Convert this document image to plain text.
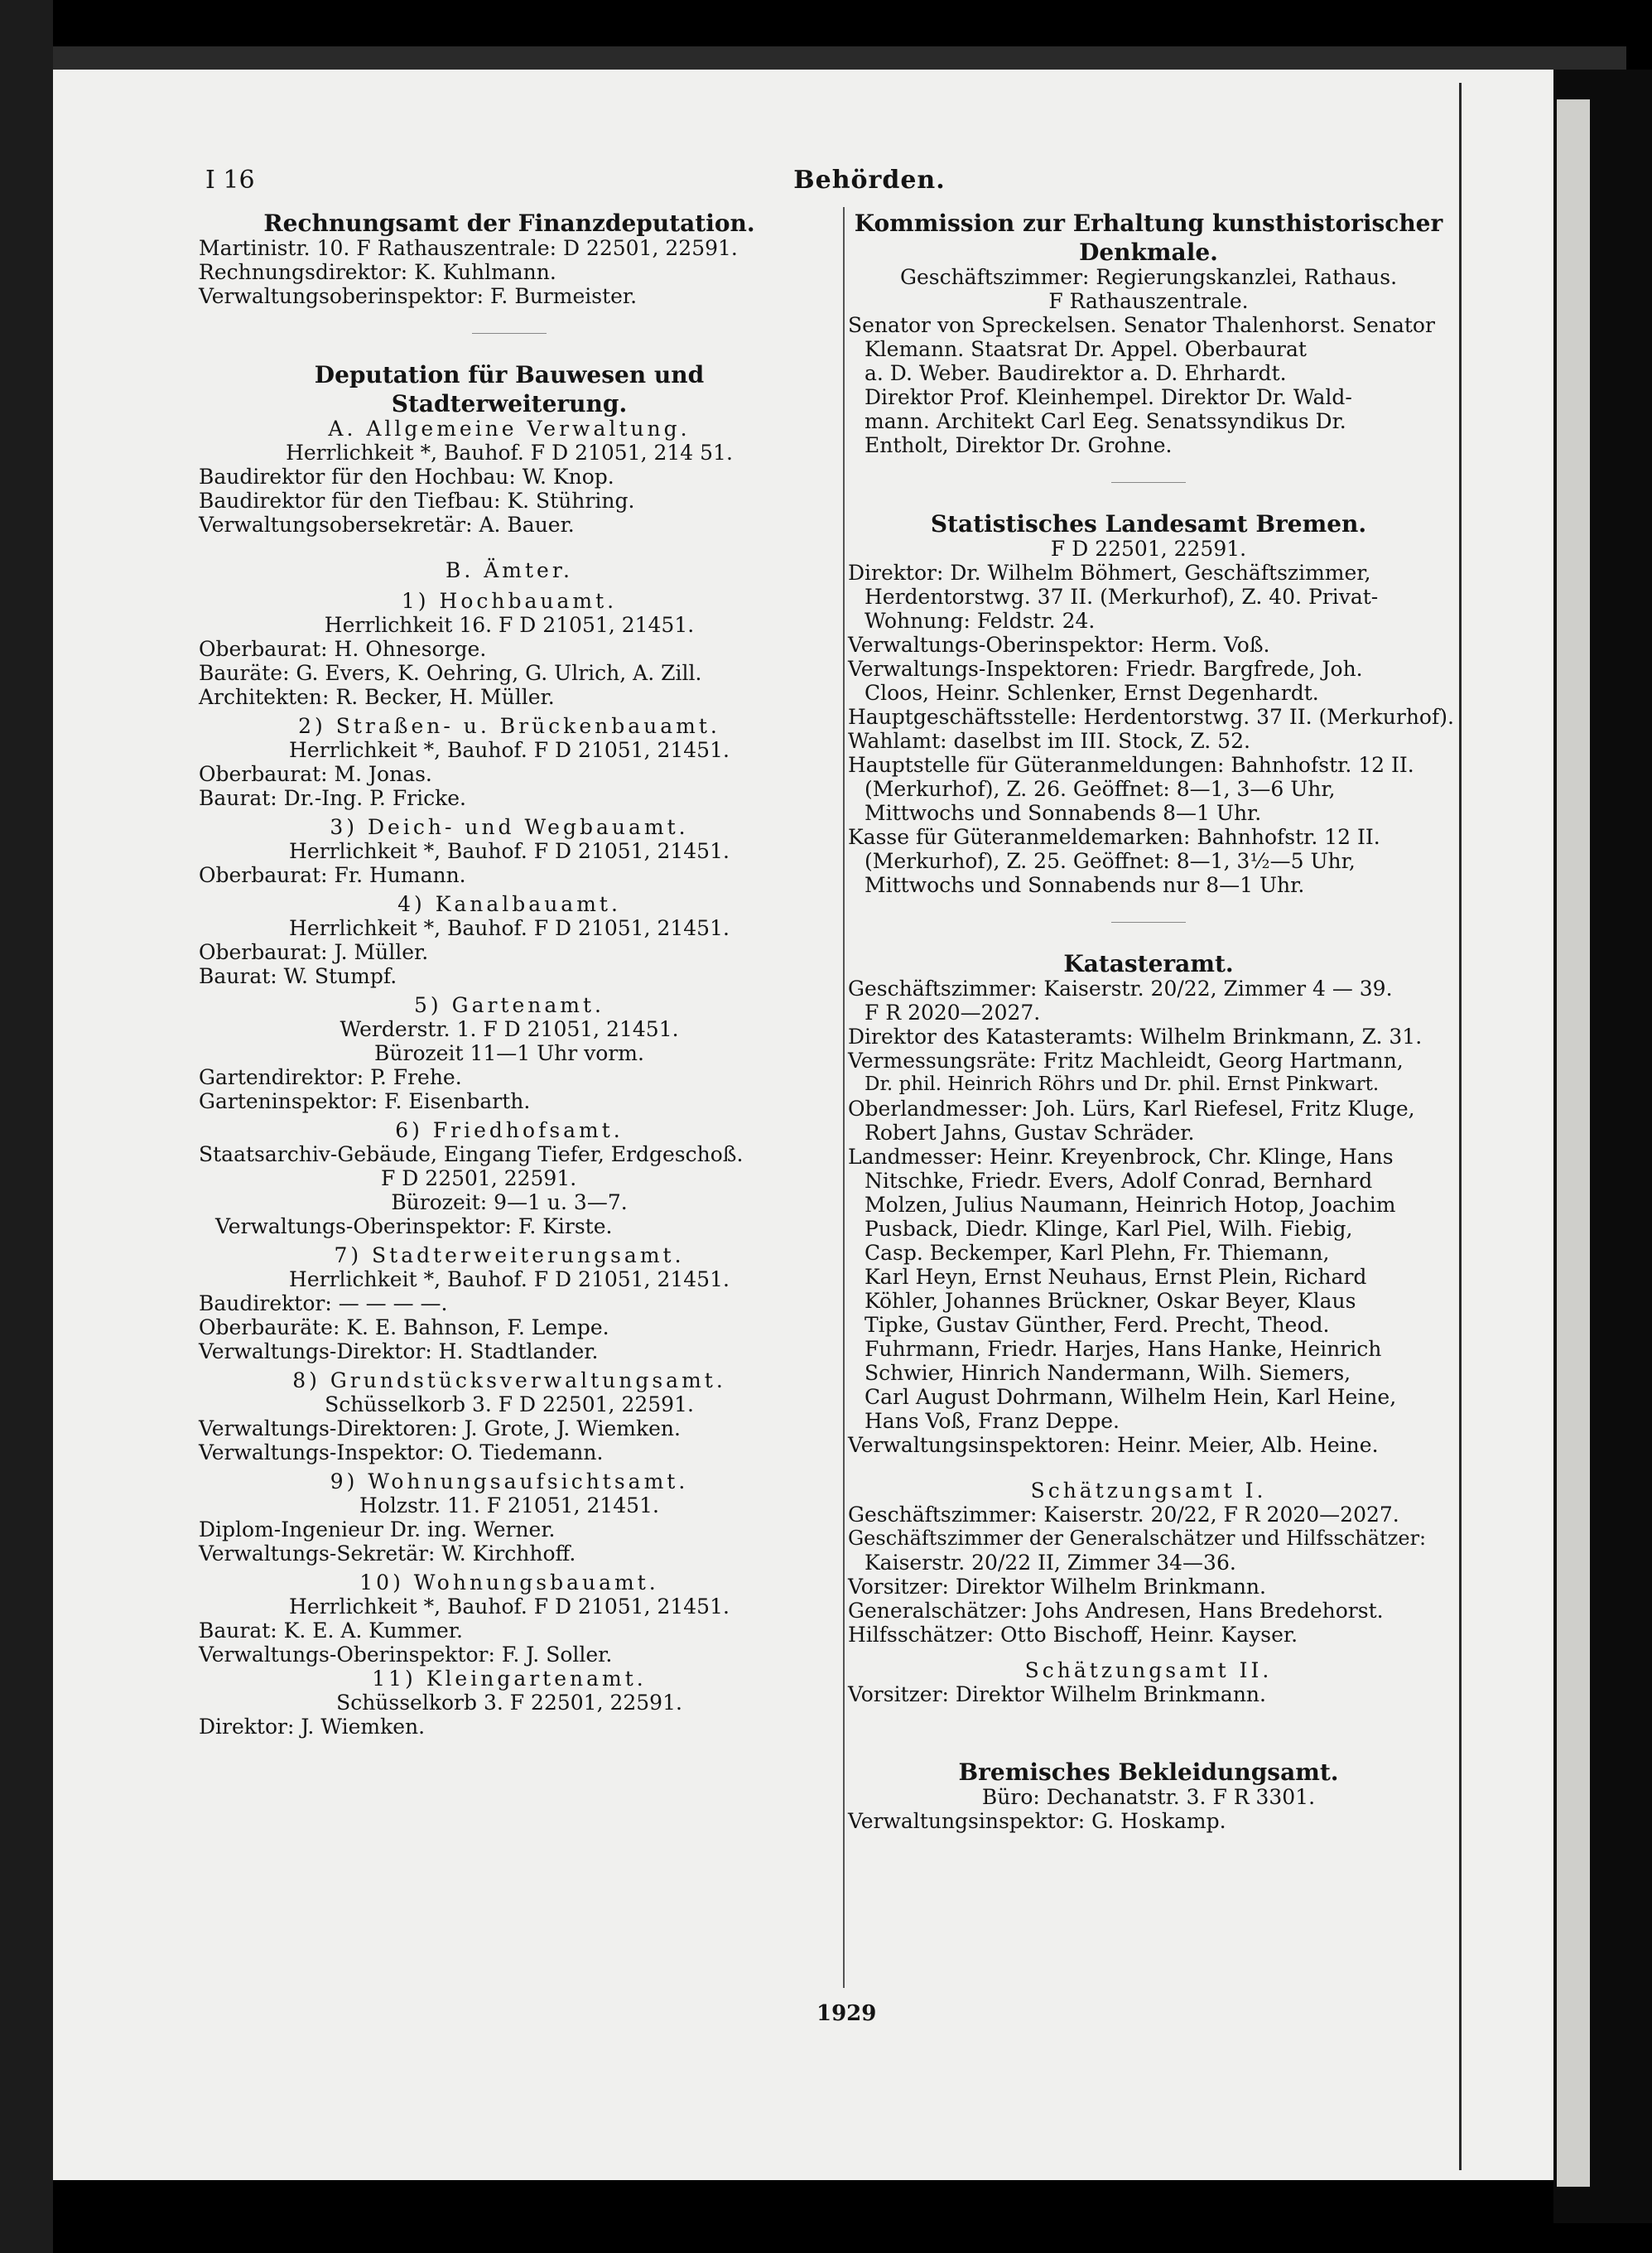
I 16	Behörden.
Rechnungsamt der Finanzdeputation.
Martinistr. 10. F Rathauszentrale: D 22501, 22591.
Rechnungsdirektor: K. Kuhlmann.
Verwaltungsoberinspektor: F. Burmeister.
Deputation für Bauwesen und
Stadterweiterung.
A. Allgemeine Verwaltung.
Herrlichkeit *, Bauhof. F D 21051, 214 51.
Baudirektor für den Hochbau: W. Knop.
Baudirektor für den Tiefbau: K. Stühring.
Verwaltungsobersekretär: A. Bauer.
B. Ämter.
1) Hochbauamt.
Herrlichkeit 16. F D 21051, 21451.
Oberbaurat: H. Ohnesorge.
Bauräte: G. Evers, K. Oehring, G. Ulrich, A. Zill.
Architekten: R. Becker, H. Müller.
2) Straßen- u. Brückenbauamt.
Herrlichkeit *, Bauhof. F D 21051, 21451.
Oberbaurat: M. Jonas.
Baurat: Dr.-Ing. P. Fricke.
3) Deich- und Wegbauamt.
Herrlichkeit *, Bauhof. F D 21051, 21451.
Oberbaurat: Fr. Humann.
4) Kanalbauamt.
Herrlichkeit *, Bauhof. F D 21051, 21451.
Oberbaurat: J. Müller.
Baurat: W. Stumpf.
5) Gartenamt.
Werderstr. 1. F D 21051, 21451.
Bürozeit 11—1 Uhr vorm.
Gartendirektor: P. Frehe.
Garteninspektor: F. Eisenbarth.
6) Friedhofsamt.
Staatsarchiv-Gebäude, Eingang Tiefer, Erdgeschoß.
F D 22501, 22591.
Bürozeit: 9—1 u. 3—7.
Verwaltungs-Oberinspektor: F. Kirste.
7) Stadterweiterungsamt.
Herrlichkeit *, Bauhof. F D 21051, 21451.
Baudirektor: — — — —.
Oberbauräte: K. E. Bahnson, F. Lempe.
Verwaltungs-Direktor: H. Stadtlander.
8) Grundstücksverwaltungsamt.
Schüsselkorb 3. F D 22501, 22591.
Verwaltungs-Direktoren: J. Grote, J. Wiemken.
Verwaltungs-Inspektor: O. Tiedemann.
9) Wohnungsaufsichtsamt.
Holzstr. 11. F 21051, 21451.
Diplom-Ingenieur Dr. ing. Werner.
Verwaltungs-Sekretär: W. Kirchhoff.
10) Wohnungsbauamt.
Herrlichkeit *, Bauhof. F D 21051, 21451.
Baurat: K. E. A. Kummer.
Verwaltungs-Oberinspektor: F. J. Soller.
11) Kleingartenamt.
Schüsselkorb 3. F 22501, 22591.
Direktor: J. Wiemken.
Kommission zur Erhaltung kunsthistorischer
Denkmale.
Geschäftszimmer: Regierungskanzlei, Rathaus.
F Rathauszentrale.
Senator von Spreckelsen. Senator Thalenhorst. Senator
Klemann. Staatsrat Dr. Appel. Oberbaurat
a. D. Weber. Baudirektor a. D. Ehrhardt.
Direktor Prof. Kleinhempel. Direktor Dr. Wald-
mann. Architekt Carl Eeg. Senatssyndikus Dr.
Entholt, Direktor Dr. Grohne.
Statistisches Landesamt Bremen.
F D 22501, 22591.
Direktor: Dr. Wilhelm Böhmert, Geschäftszimmer,
Herdentorstwg. 37 II. (Merkurhof), Z. 40. Privat-
Wohnung: Feldstr. 24.
Verwaltungs-Oberinspektor: Herm. Voß.
Verwaltungs-Inspektoren: Friedr. Bargfrede, Joh.
Cloos, Heinr. Schlenker, Ernst Degenhardt.
Hauptgeschäftsstelle: Herdentorstwg. 37 II. (Merkurhof).
Wahlamt: daselbst im III. Stock, Z. 52.
Hauptstelle für Güteranmeldungen: Bahnhofstr. 12 II.
(Merkurhof), Z. 26. Geöffnet: 8—1, 3—6 Uhr,
Mittwochs und Sonnabends 8—1 Uhr.
Kasse für Güteranmeldemarken: Bahnhofstr. 12 II.
(Merkurhof), Z. 25. Geöffnet: 8—1, 3½—5 Uhr,
Mittwochs und Sonnabends nur 8—1 Uhr.
Katasteramt.
Geschäftszimmer: Kaiserstr. 20/22, Zimmer 4 — 39.
F R 2020—2027.
Direktor des Katasteramts: Wilhelm Brinkmann, Z. 31.
Vermessungsräte: Fritz Machleidt, Georg Hartmann,
Dr. phil. Heinrich Röhrs und Dr. phil. Ernst Pinkwart.
Oberlandmesser: Joh. Lürs, Karl Riefesel, Fritz Kluge,
Robert Jahns, Gustav Schräder.
Landmesser: Heinr. Kreyenbrock, Chr. Klinge, Hans
Nitschke, Friedr. Evers, Adolf Conrad, Bernhard
Molzen, Julius Naumann, Heinrich Hotop, Joachim
Pusback, Diedr. Klinge, Karl Piel, Wilh. Fiebig,
Casp. Beckemper, Karl Plehn, Fr. Thiemann,
Karl Heyn, Ernst Neuhaus, Ernst Plein, Richard
Köhler, Johannes Brückner, Oskar Beyer, Klaus
Tipke, Gustav Günther, Ferd. Precht, Theod.
Fuhrmann, Friedr. Harjes, Hans Hanke, Heinrich
Schwier, Hinrich Nandermann, Wilh. Siemers,
Carl August Dohrmann, Wilhelm Hein, Karl Heine,
Hans Voß, Franz Deppe.
Verwaltungsinspektoren: Heinr. Meier, Alb. Heine.
Schätzungsamt I.
Geschäftszimmer: Kaiserstr. 20/22, F R 2020—2027.
Geschäftszimmer der Generalschätzer und Hilfsschätzer:
Kaiserstr. 20/22 II, Zimmer 34—36.
Vorsitzer: Direktor Wilhelm Brinkmann.
Generalschätzer: Johs Andresen, Hans Bredehorst.
Hilfsschätzer: Otto Bischoff, Heinr. Kayser.
Schätzungsamt II.
Vorsitzer: Direktor Wilhelm Brinkmann.
Bremisches Bekleidungsamt.
Büro: Dechanatstr. 3. F R 3301.
Verwaltungsinspektor: G. Hoskamp.
1929
